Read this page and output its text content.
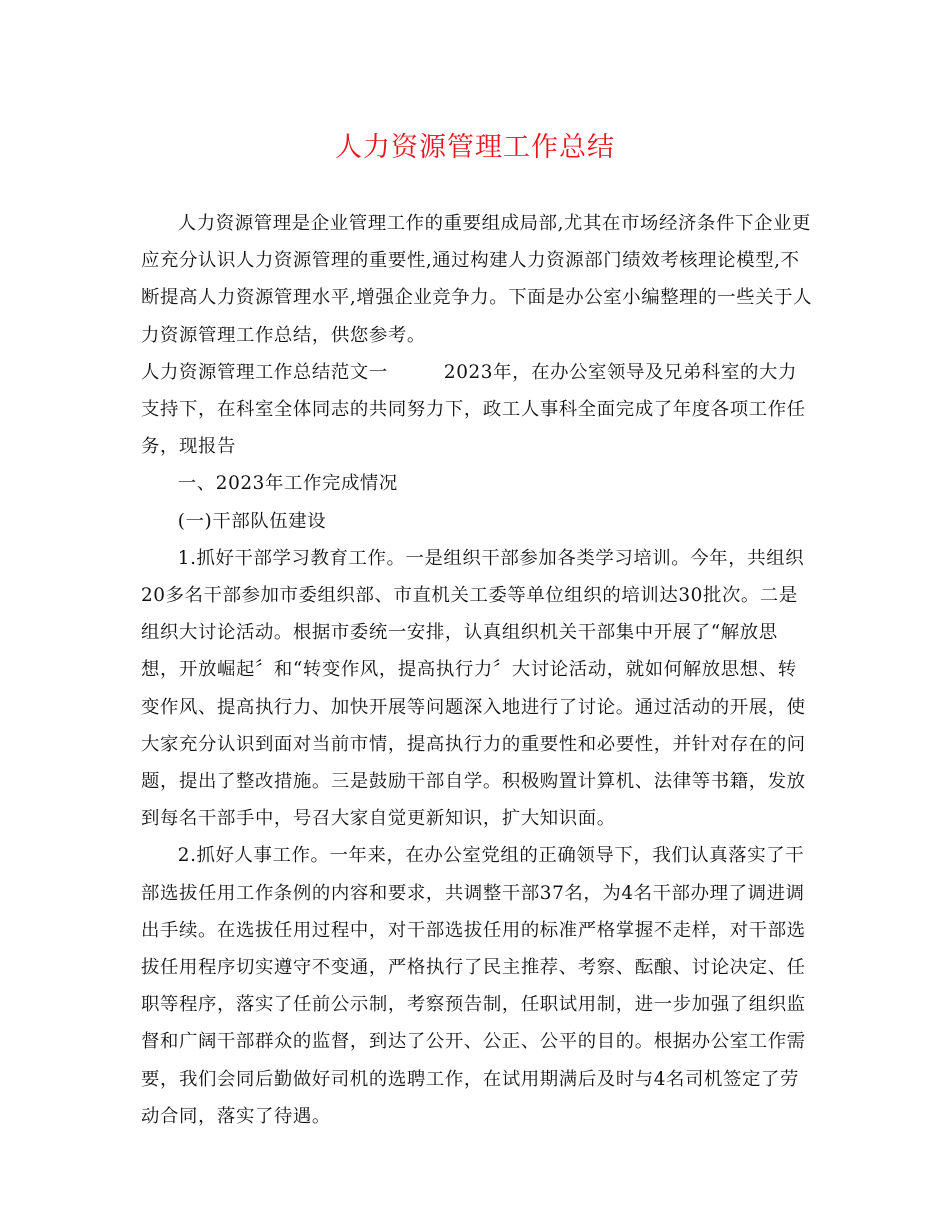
人力资源管理工作总结

人力资源管理是企业管理工作的重要组成局部,尤其在市场经济条件下企业更应充分认识人力资源管理的重要性,通过构建人力资源部门绩效考核理论模型,不断提高人力资源管理水平,增强企业竞争力。下面是办公室小编整理的一些关于人力资源管理工作总结，供您参考。

人力资源管理工作总结范文一	2023年，在办公室领导及兄弟科室的大力支持下，在科室全体同志的共同努力下，政工人事科全面完成了年度各项工作任务，现报告

一、2023年工作完成情况

(一)干部队伍建设

1.抓好干部学习教育工作。一是组织干部参加各类学习培训。今年，共组织20多名干部参加市委组织部、市直机关工委等单位组织的培训达30批次。二是组织大讨论活动。根据市委统一安排，认真组织机关干部集中开展了“解放思想，开放崛起〞和“转变作风，提高执行力〞大讨论活动，就如何解放思想、转变作风、提高执行力、加快开展等问题深入地进行了讨论。通过活动的开展，使大家充分认识到面对当前市情，提高执行力的重要性和必要性，并针对存在的问题，提出了整改措施。三是鼓励干部自学。积极购置计算机、法律等书籍，发放到每名干部手中，号召大家自觉更新知识，扩大知识面。

2.抓好人事工作。一年来，在办公室党组的正确领导下，我们认真落实了干部选拔任用工作条例的内容和要求，共调整干部37名，为4名干部办理了调进调出手续。在选拔任用过程中，对干部选拔任用的标准严格掌握不走样，对干部选拔任用程序切实遵守不变通，严格执行了民主推荐、考察、酝酿、讨论决定、任职等程序，落实了任前公示制，考察预告制，任职试用制，进一步加强了组织监督和广阔干部群众的监督，到达了公开、公正、公平的目的。根据办公室工作需要，我们会同后勤做好司机的选聘工作，在试用期满后及时与4名司机签定了劳动合同，落实了待遇。
